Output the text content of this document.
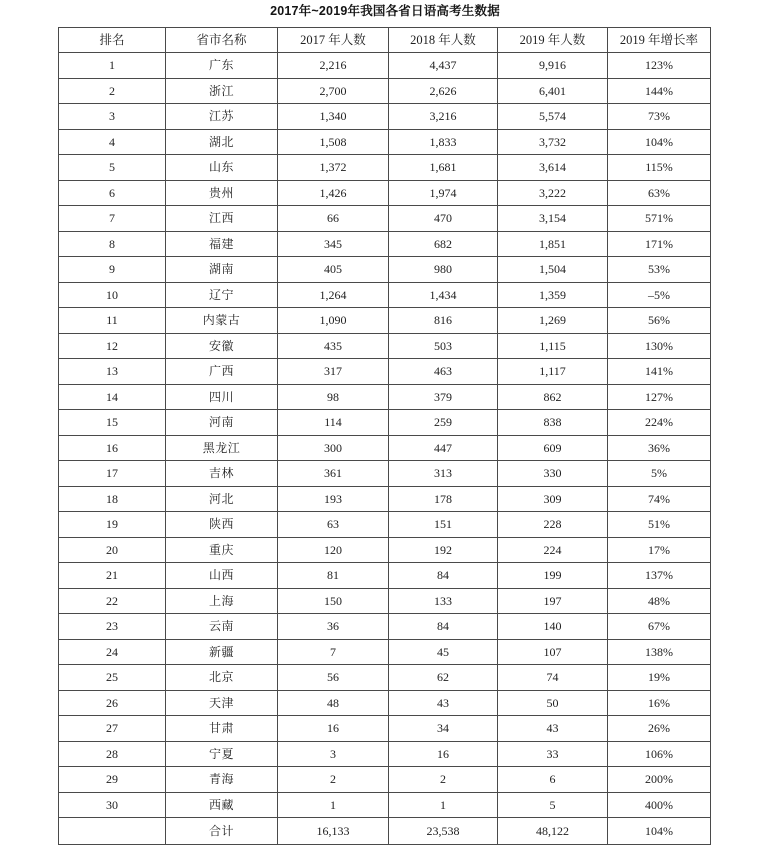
2017年~2019年我国各省日语高考生数据
排名	省市名称	2017 年人数	2018 年人数	2019 年人数	2019 年增长率
1	广东	2,216	4,437	9,916	123%
2	浙江	2,700	2,626	6,401	144%
3	江苏	1,340	3,216	5,574	73%
4	湖北	1,508	1,833	3,732	104%
5	山东	1,372	1,681	3,614	115%
6	贵州	1,426	1,974	3,222	63%
7	江西	66	470	3,154	571%
8	福建	345	682	1,851	171%
9	湖南	405	980	1,504	53%
10	辽宁	1,264	1,434	1,359	–5%
11	内蒙古	1,090	816	1,269	56%
12	安徽	435	503	1,115	130%
13	广西	317	463	1,117	141%
14	四川	98	379	862	127%
15	河南	114	259	838	224%
16	黑龙江	300	447	609	36%
17	吉林	361	313	330	5%
18	河北	193	178	309	74%
19	陕西	63	151	228	51%
20	重庆	120	192	224	17%
21	山西	81	84	199	137%
22	上海	150	133	197	48%
23	云南	36	84	140	67%
24	新疆	7	45	107	138%
25	北京	56	62	74	19%
26	天津	48	43	50	16%
27	甘肃	16	34	43	26%
28	宁夏	3	16	33	106%
29	青海	2	2	6	200%
30	西藏	1	1	5	400%
	合计	16,133	23,538	48,122	104%
